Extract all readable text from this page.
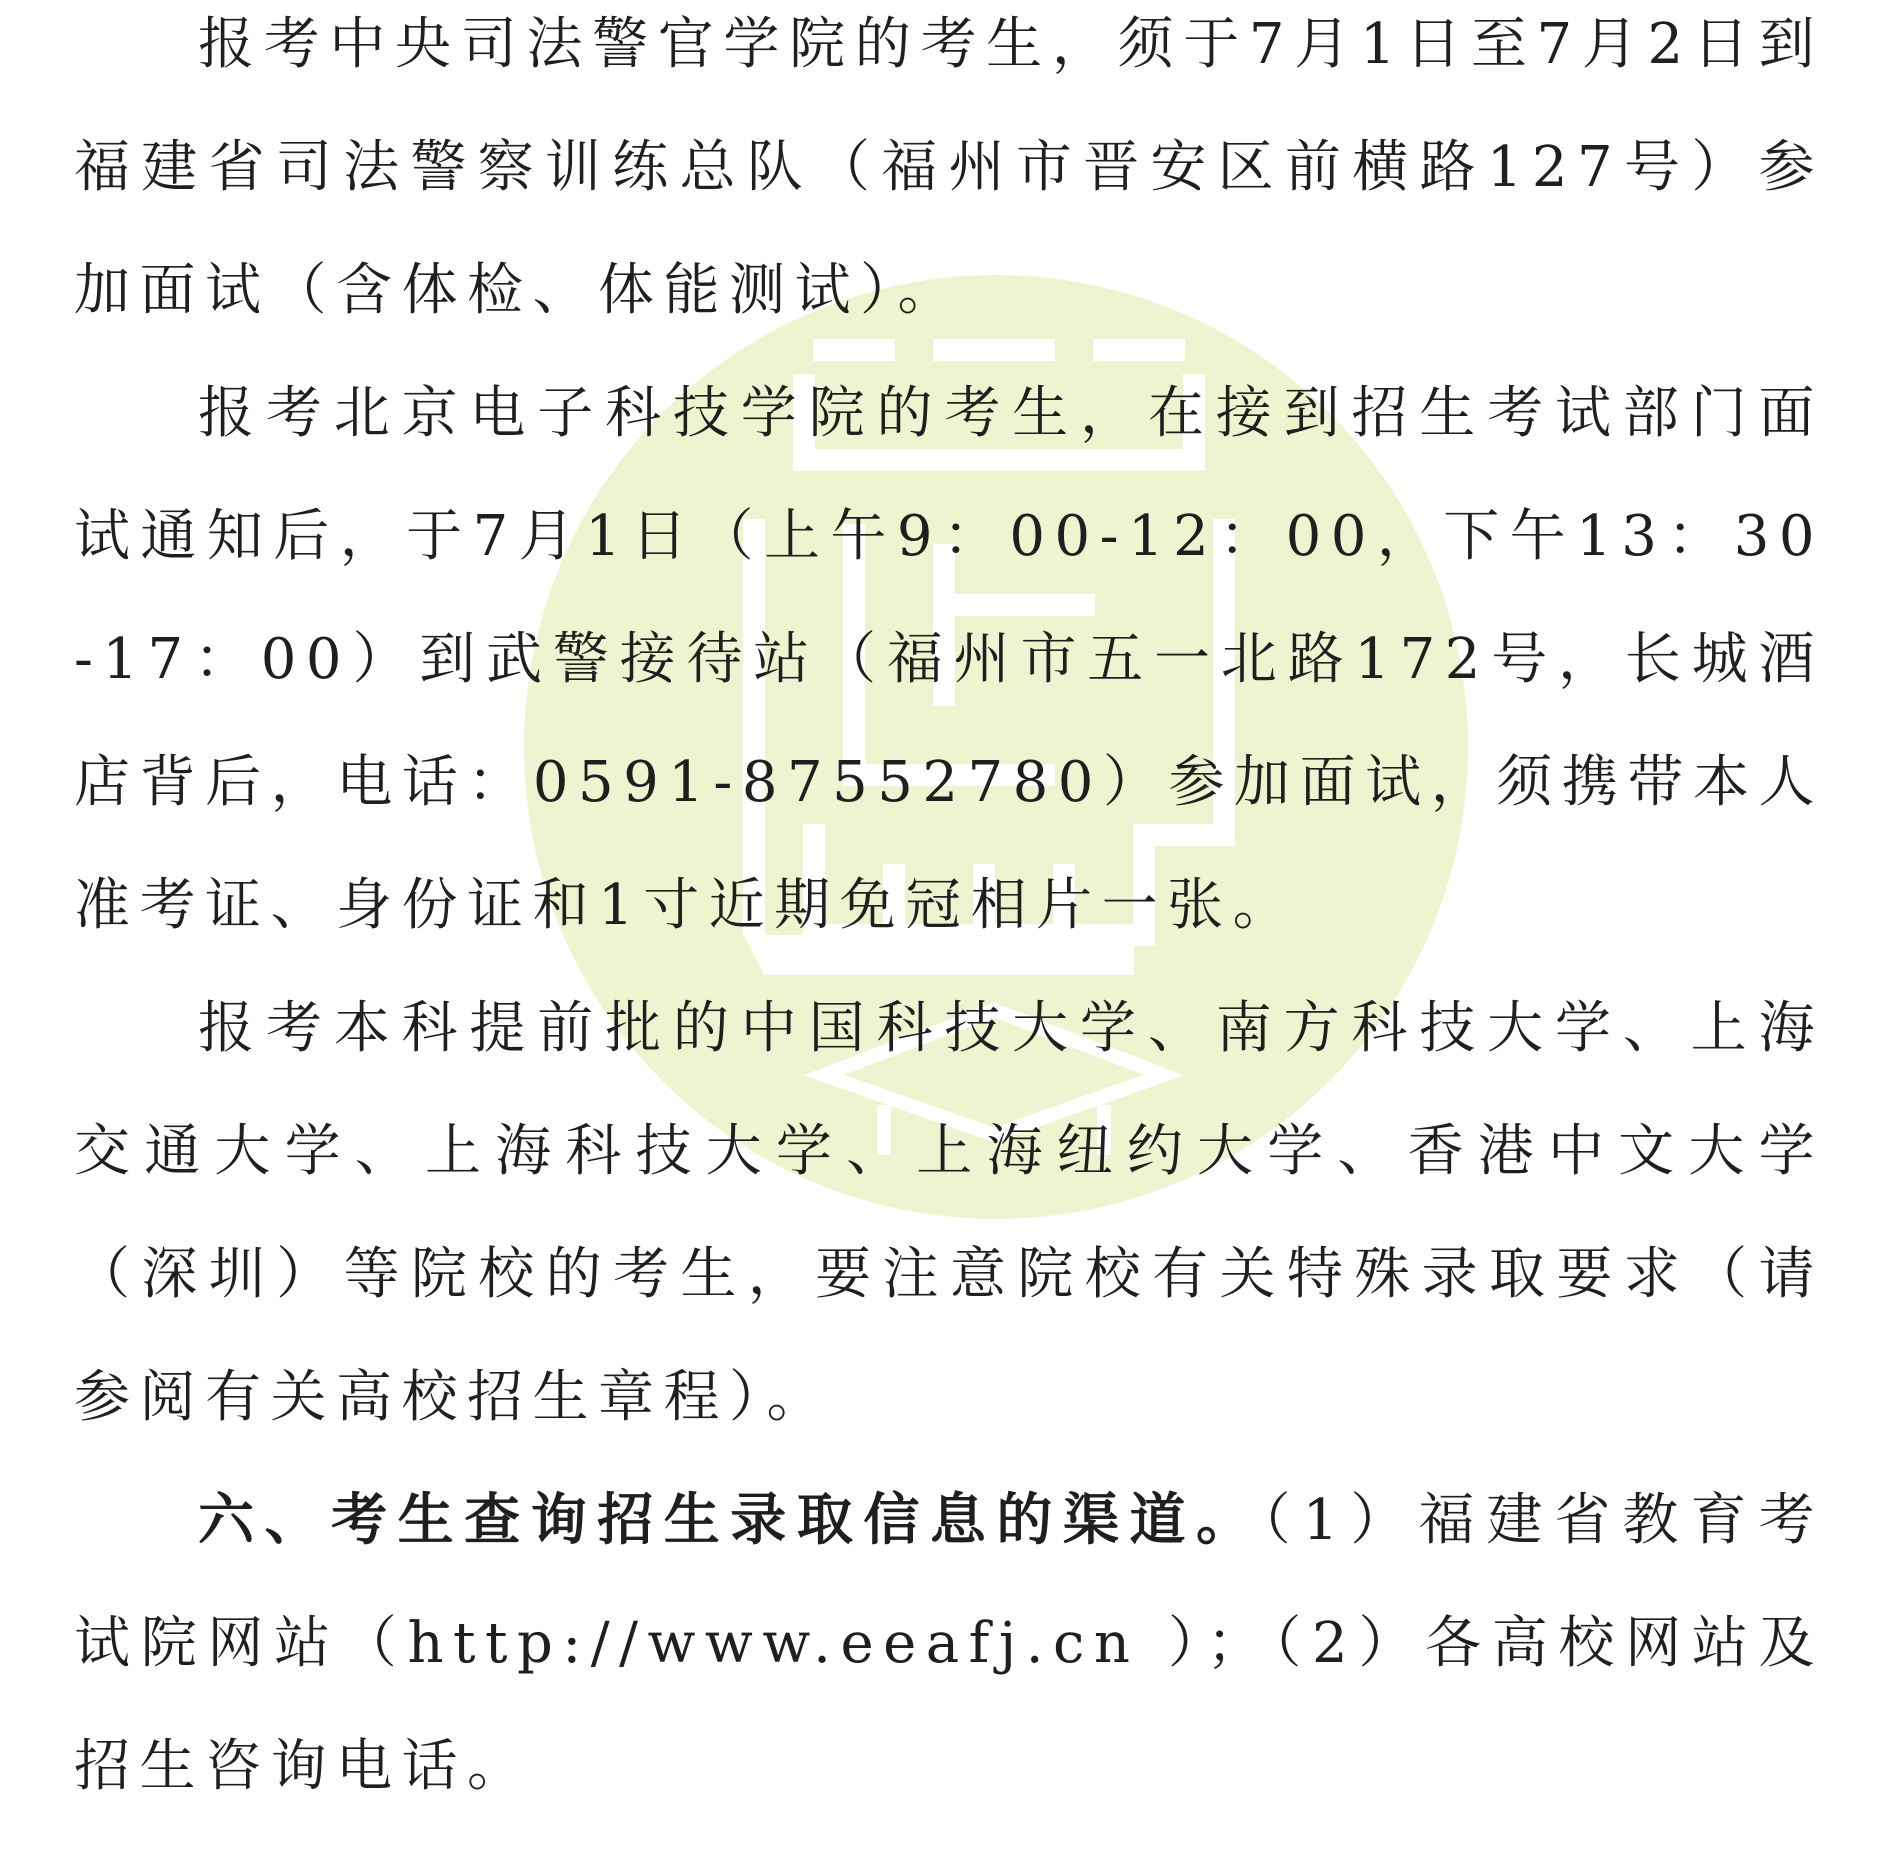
报考中央司法警官学院的考生，须于7月1日至7月2日到福建省司法警察训练总队（福州市晋安区前横路127号）参加面试（含体检、体能测试）。

报考北京电子科技学院的考生，在接到招生考试部门面试通知后，于7月1日（上午9：00-12：00，下午13：30-17：00）到武警接待站（福州市五一北路172号，长城酒店背后，电话：0591-87552780）参加面试，须携带本人准考证、身份证和1寸近期免冠相片一张。

报考本科提前批的中国科技大学、南方科技大学、上海交通大学、上海科技大学、上海纽约大学、香港中文大学（深圳）等院校的考生，要注意院校有关特殊录取要求（请参阅有关高校招生章程）。

六、考生查询招生录取信息的渠道。（1）福建省教育考试院网站（http://www.eeafj.cn ）；（2）各高校网站及招生咨询电话。
